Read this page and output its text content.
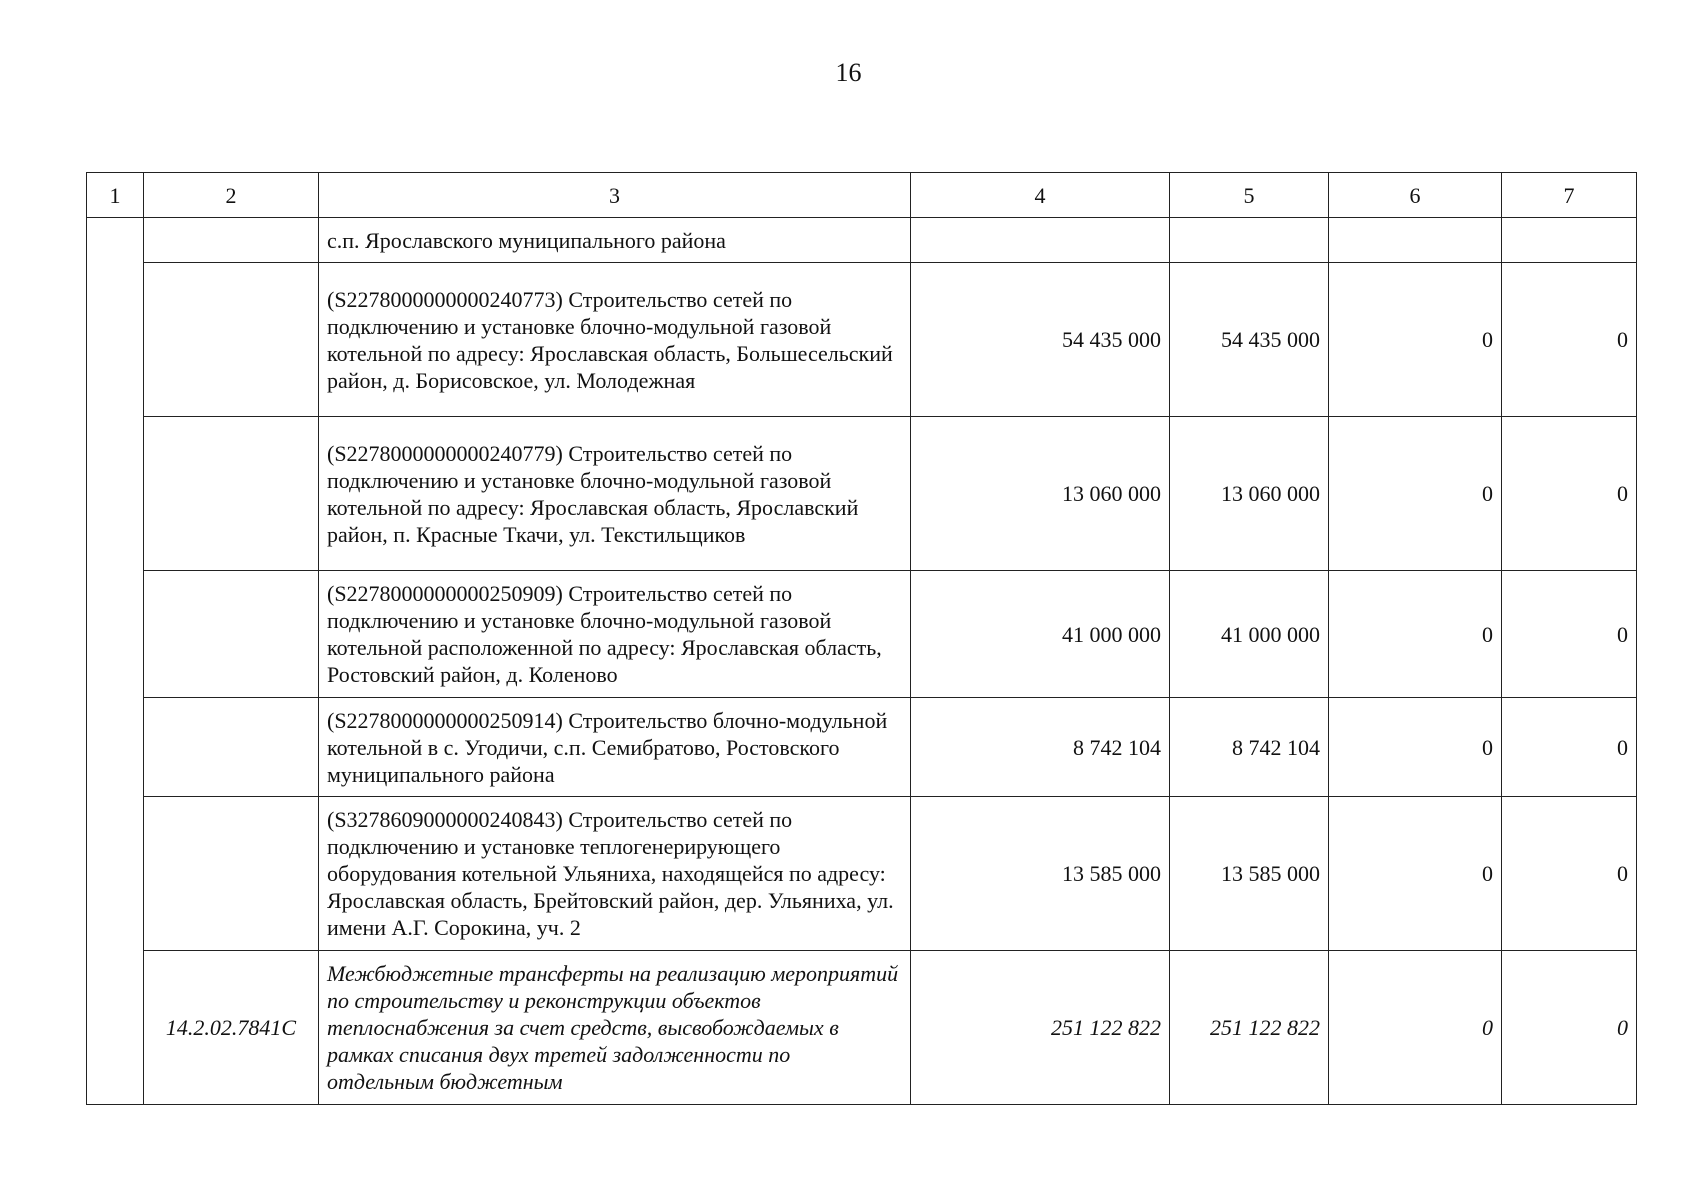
16
1	2	3	4	5	6	7
		с.п. Ярославского муниципального района				
		(S2278000000000240773) Строительство сетей по подключению и установке блочно-модульной газовой котельной по адресу: Ярославская область, Большесельский район, д. Борисовское, ул. Молодежная	54 435 000	54 435 000	0	0
		(S2278000000000240779) Строительство сетей по подключению и установке блочно-модульной газовой котельной по адресу: Ярославская область, Ярославский район, п. Красные Ткачи, ул. Текстильщиков	13 060 000	13 060 000	0	0
		(S2278000000000250909) Строительство сетей по подключению и установке блочно-модульной газовой котельной расположенной по адресу: Ярославская область, Ростовский район, д. Коленово	41 000 000	41 000 000	0	0
		(S2278000000000250914) Строительство блочно-модульной котельной в с. Угодичи, с.п. Семибратово, Ростовского муниципального района	8 742 104	8 742 104	0	0
		(S3278609000000240843) Строительство сетей по подключению и установке теплогенерирующего оборудования котельной Ульяниха, находящейся по адресу: Ярославская область, Брейтовский район, дер. Ульяниха, ул. имени А.Г. Сорокина, уч. 2	13 585 000	13 585 000	0	0
	14.2.02.7841С	Межбюджетные трансферты на реализацию мероприятий по строительству и реконструкции объектов теплоснабжения за счет средств, высвобождаемых в рамках списания двух третей задолженности по отдельным бюджетным	251 122 822	251 122 822	0	0
